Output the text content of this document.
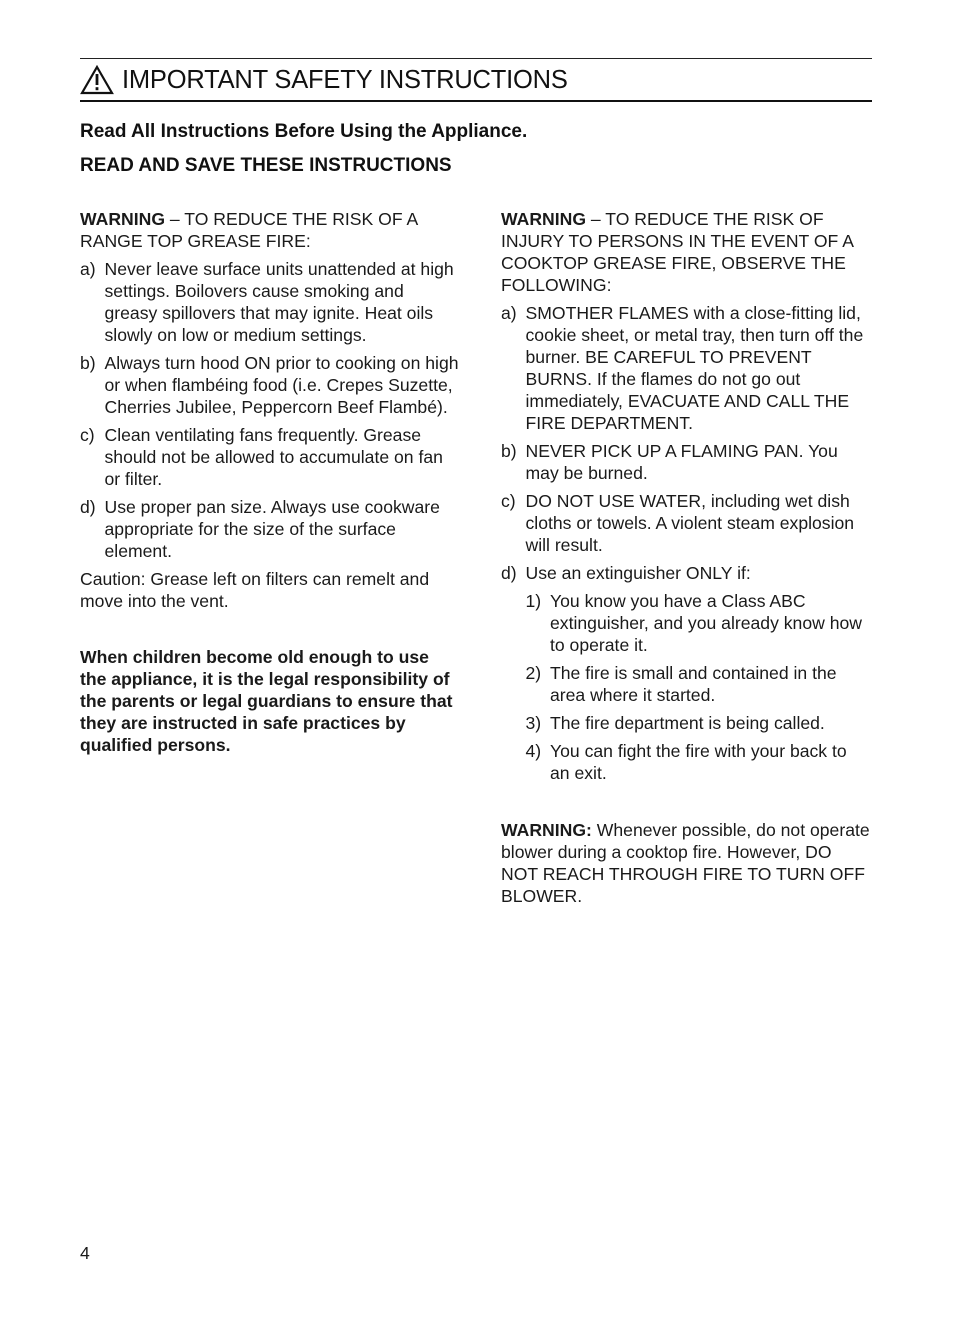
IMPORTANT SAFETY INSTRUCTIONS
Read All Instructions Before Using the Appliance.
READ AND SAVE THESE INSTRUCTIONS

WARNING – TO REDUCE THE RISK OF A RANGE TOP GREASE FIRE:

a) Never leave surface units unattended at high settings. Boilovers cause smoking and greasy spillovers that may ignite. Heat oils slowly on low or medium settings.
b) Always turn hood ON prior to cooking on high or when flambéing food (i.e. Crepes Suzette, Cherries Jubilee, Peppercorn Beef Flambé).
c) Clean ventilating fans frequently. Grease should not be allowed to accumulate on fan or filter.
d) Use proper pan size. Always use cookware appropriate for the size of the surface element.

Caution: Grease left on filters can remelt and move into the vent.

When children become old enough to use the appliance, it is the legal responsibility of the parents or legal guardians to ensure that they are instructed in safe practices by qualified persons.

WARNING – TO REDUCE THE RISK OF INJURY TO PERSONS IN THE EVENT OF A COOKTOP GREASE FIRE, OBSERVE THE FOLLOWING:

a) SMOTHER FLAMES with a close-fitting lid, cookie sheet, or metal tray, then turn off the burner. BE CAREFUL TO PREVENT BURNS. If the flames do not go out immediately, EVACUATE AND CALL THE FIRE DEPARTMENT.
b) NEVER PICK UP A FLAMING PAN. You may be burned.
c) DO NOT USE WATER, including wet dish cloths or towels. A violent steam explosion will result.
d) Use an extinguisher ONLY if:
1) You know you have a Class ABC extinguisher, and you already know how to operate it.
2) The fire is small and contained in the area where it started.
3) The fire department is being called.
4) You can fight the fire with your back to an exit.

WARNING: Whenever possible, do not operate blower during a cooktop fire. However, DO NOT REACH THROUGH FIRE TO TURN OFF BLOWER.

4
